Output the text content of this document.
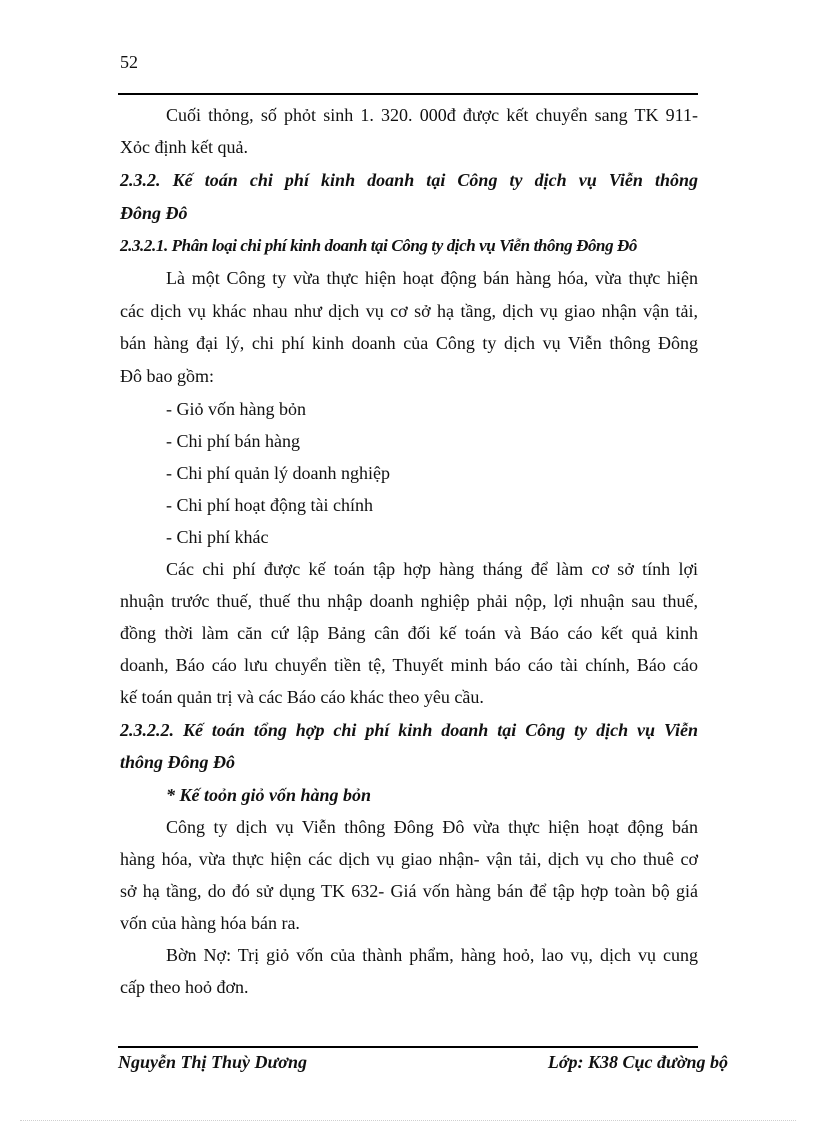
52
Cuối thỏng, số phỏt sinh 1. 320. 000đ được kết chuyển sang TK 911-
Xỏc định kết quả.
2.3.2. Kế toán chi phí kinh doanh tại Công ty dịch vụ Viễn thông
Đông Đô
2.3.2.1. Phân loại chi phí kinh doanh tại Công ty dịch vụ Viễn thông Đông Đô
Là một Công ty vừa thực hiện hoạt động bán hàng hóa, vừa thực hiện
các dịch vụ khác nhau như dịch vụ cơ sở hạ tầng, dịch vụ giao nhận vận tải,
bán hàng đại lý, chi phí kinh doanh của Công ty dịch vụ Viễn thông Đông
Đô bao gồm:
- Giỏ vốn hàng bỏn
- Chi phí bán hàng
- Chi phí quản lý doanh nghiệp
- Chi phí hoạt động tài chính
- Chi phí khác
Các chi phí được kế toán tập hợp hàng tháng để làm cơ sở tính lợi
nhuận trước thuế, thuế thu nhập doanh nghiệp phải nộp, lợi nhuận sau thuế,
đồng thời làm căn cứ lập Bảng cân đối kế toán và Báo cáo kết quả kinh
doanh, Báo cáo lưu chuyển tiền tệ, Thuyết minh báo cáo tài chính, Báo cáo
kế toán quản trị và các Báo cáo khác theo yêu cầu.
2.3.2.2. Kế toán tổng hợp chi phí kinh doanh tại Công ty dịch vụ Viễn
thông Đông Đô
* Kế toỏn giỏ vốn hàng bỏn
Công ty dịch vụ Viễn thông Đông Đô vừa thực hiện hoạt động bán
hàng hóa, vừa thực hiện các dịch vụ giao nhận- vận tải, dịch vụ cho thuê cơ
sở hạ tầng, do đó sử dụng TK 632- Giá vốn hàng bán để tập hợp toàn bộ giá
vốn của hàng hóa bán ra.
Bờn Nợ: Trị giỏ vốn của thành phẩm, hàng hoỏ, lao vụ, dịch vụ cung
cấp theo hoỏ đơn.
Nguyễn Thị Thuỳ Dương	Lớp: K38 Cục đường bộ
